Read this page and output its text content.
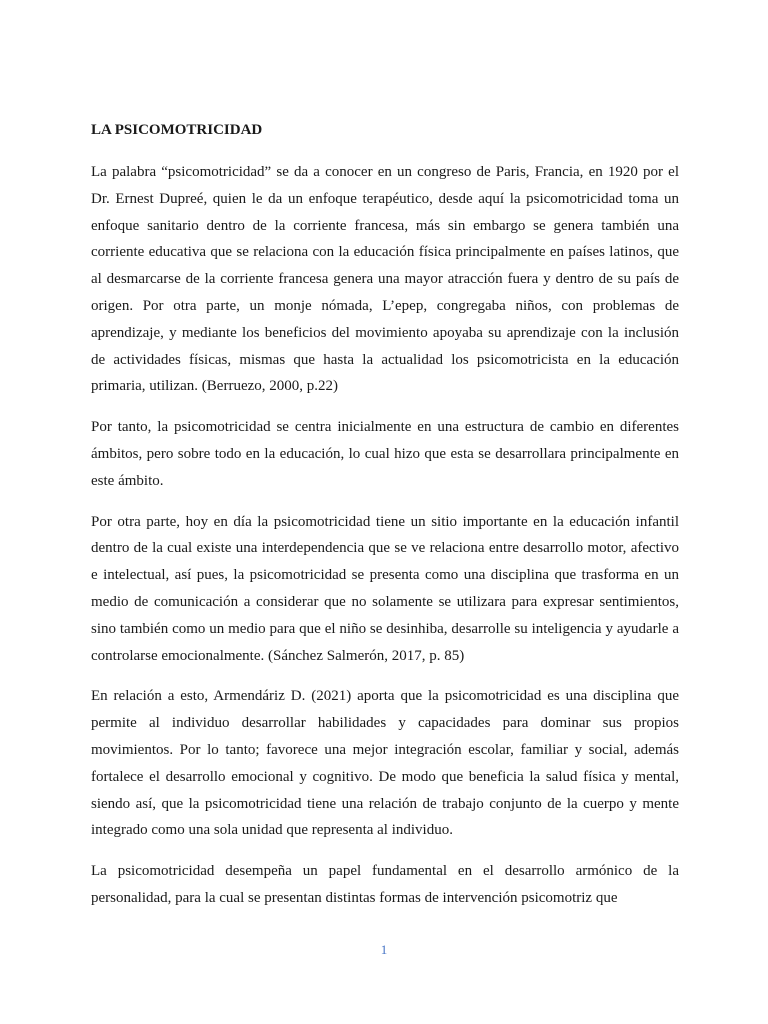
LA PSICOMOTRICIDAD

La palabra “psicomotricidad” se da a conocer en un congreso de Paris, Francia, en 1920 por el Dr. Ernest Dupreé, quien le da un enfoque terapéutico, desde aquí la psicomotricidad toma un enfoque sanitario dentro de la corriente francesa, más sin embargo se genera también una corriente educativa que se relaciona con la educación física principalmente en países latinos, que al desmarcarse de la corriente francesa genera una mayor atracción fuera y dentro de su país de origen. Por otra parte, un monje nómada, L’epep, congregaba niños, con problemas de aprendizaje, y mediante los beneficios del movimiento apoyaba su aprendizaje con la inclusión de actividades físicas, mismas que hasta la actualidad los psicomotricista en la educación primaria, utilizan. (Berruezo, 2000, p.22)

Por tanto, la psicomotricidad se centra inicialmente en una estructura de cambio en diferentes ámbitos, pero sobre todo en la educación, lo cual hizo que esta se desarrollara principalmente en este ámbito.

Por otra parte, hoy en día la psicomotricidad tiene un sitio importante en la educación infantil dentro de la cual existe una interdependencia que se ve relaciona entre desarrollo motor, afectivo e intelectual, así pues, la psicomotricidad se presenta como una disciplina que trasforma en un medio de comunicación a considerar que no solamente se utilizara para expresar sentimientos, sino también como un medio para que el niño se desinhiba, desarrolle su inteligencia y ayudarle a controlarse emocionalmente. (Sánchez Salmerón, 2017, p. 85)

En relación a esto, Armendáriz D. (2021) aporta que la psicomotricidad es una disciplina que permite al individuo desarrollar habilidades y capacidades para dominar sus propios movimientos. Por lo tanto; favorece una mejor integración escolar, familiar y social, además fortalece el desarrollo emocional y cognitivo. De modo que beneficia la salud física y mental, siendo así, que la psicomotricidad tiene una relación de trabajo conjunto de la cuerpo y mente integrado como una sola unidad que representa al individuo.

La psicomotricidad desempeña un papel fundamental en el desarrollo armónico de la personalidad, para la cual se presentan distintas formas de intervención psicomotriz que

1
